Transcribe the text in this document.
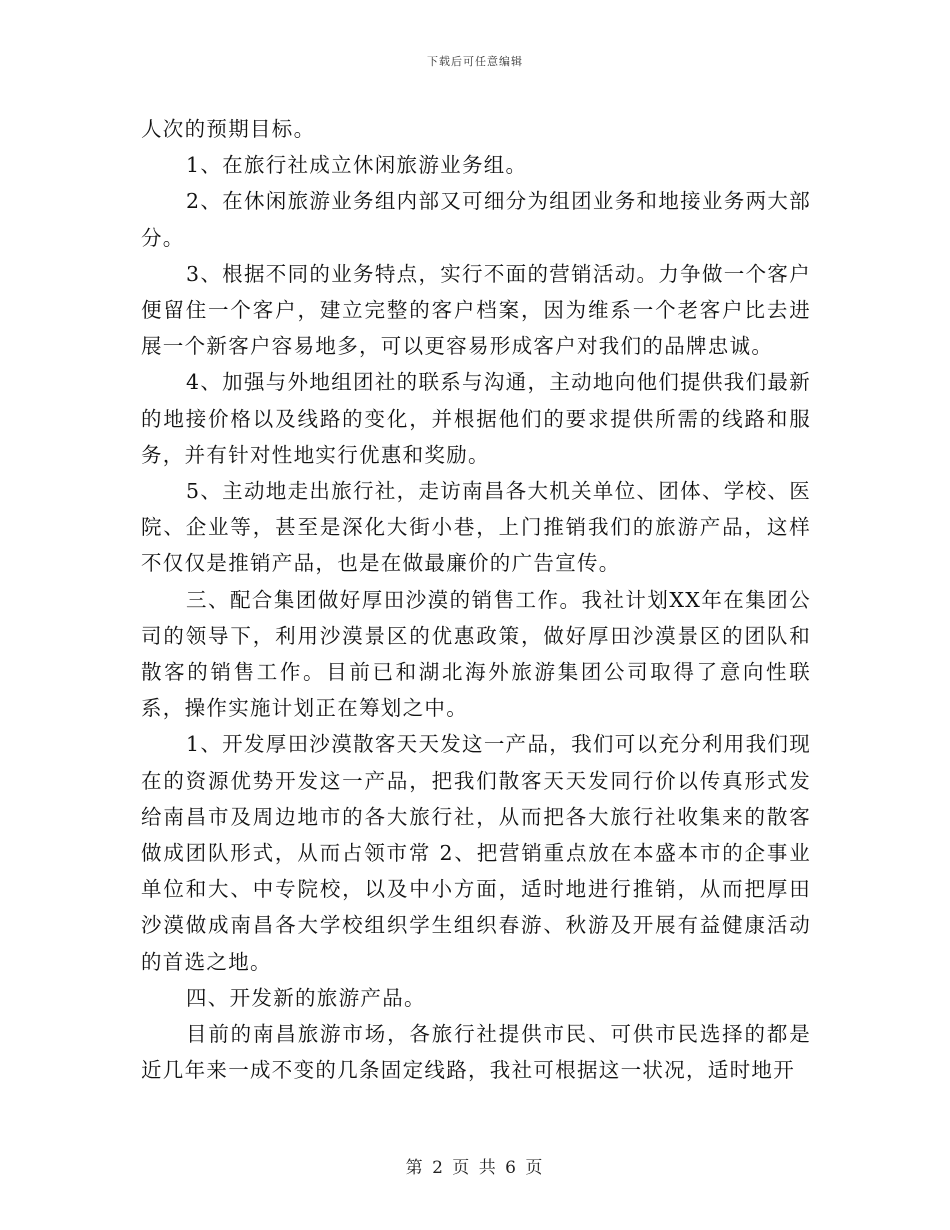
下载后可任意编辑

人次的预期目标。

1、在旅行社成立休闲旅游业务组。

2、在休闲旅游业务组内部又可细分为组团业务和地接业务两大部分。

3、根据不同的业务特点，实行不面的营销活动。力争做一个客户便留住一个客户，建立完整的客户档案，因为维系一个老客户比去进展一个新客户容易地多，可以更容易形成客户对我们的品牌忠诚。

4、加强与外地组团社的联系与沟通，主动地向他们提供我们最新的地接价格以及线路的变化，并根据他们的要求提供所需的线路和服务，并有针对性地实行优惠和奖励。

5、主动地走出旅行社，走访南昌各大机关单位、团体、学校、医院、企业等，甚至是深化大街小巷，上门推销我们的旅游产品，这样不仅仅是推销产品，也是在做最廉价的广告宣传。

三、配合集团做好厚田沙漠的销售工作。我社计划XX年在集团公司的领导下，利用沙漠景区的优惠政策，做好厚田沙漠景区的团队和散客的销售工作。目前已和湖北海外旅游集团公司取得了意向性联系，操作实施计划正在筹划之中。

1、开发厚田沙漠散客天天发这一产品，我们可以充分利用我们现在的资源优势开发这一产品，把我们散客天天发同行价以传真形式发给南昌市及周边地市的各大旅行社，从而把各大旅行社收集来的散客做成团队形式，从而占领市常 2、把营销重点放在本盛本市的企事业单位和大、中专院校，以及中小方面，适时地进行推销，从而把厚田沙漠做成南昌各大学校组织学生组织春游、秋游及开展有益健康活动的首选之地。

四、开发新的旅游产品。

目前的南昌旅游市场，各旅行社提供市民、可供市民选择的都是近几年来一成不变的几条固定线路，我社可根据这一状况，适时地开

第 2 页 共 6 页
